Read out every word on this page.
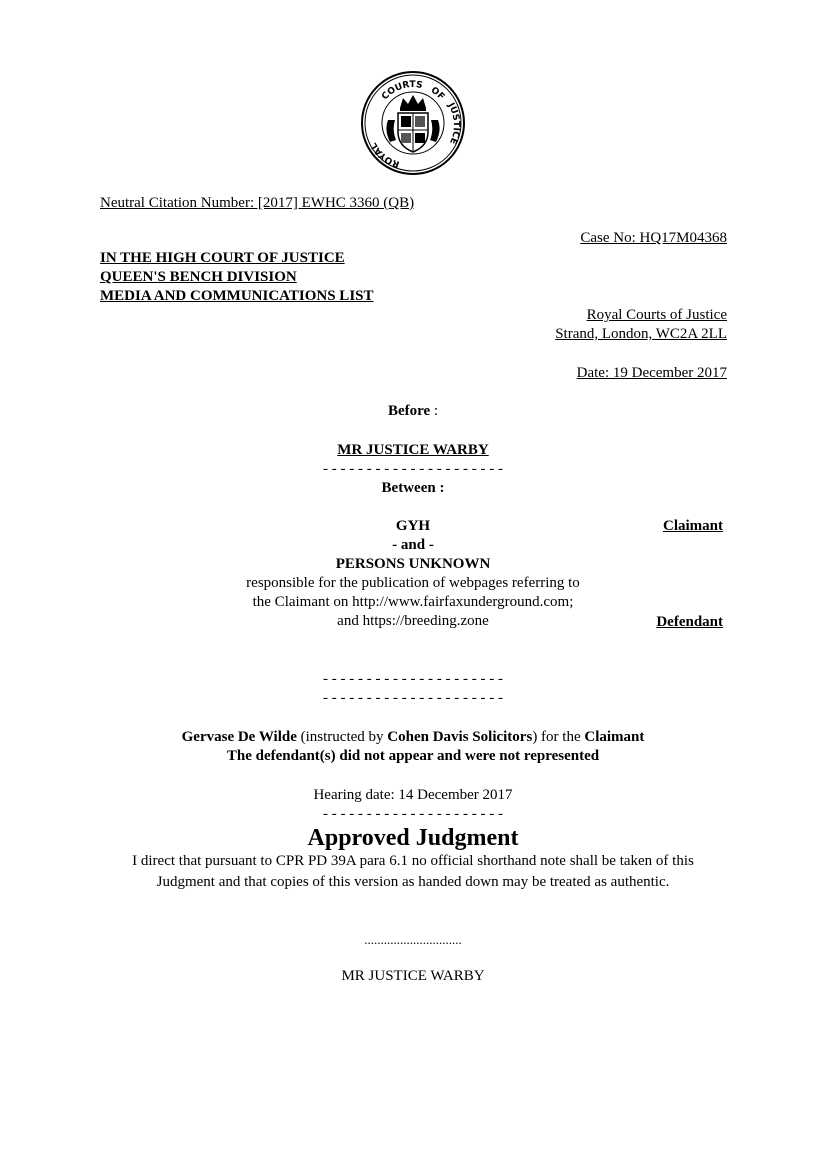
ROYAL
COURTS
OF
JUSTICE
Neutral Citation Number: [2017] EWHC 3360 (QB)
Case No: HQ17M04368
IN THE HIGH COURT OF JUSTICE
QUEEN'S BENCH DIVISION
MEDIA AND COMMUNICATIONS LIST
Royal Courts of Justice
Strand, London, WC2A 2LL
Date: 19 December 2017
Before :
MR JUSTICE WARBY
- - - - - - - - - - - - - - - - - - - - -
Between :
GYH	Claimant
- and -
PERSONS UNKNOWN
responsible for the publication of webpages referring to
the Claimant on http://www.fairfaxunderground.com;
and https://breeding.zone	Defendant
- - - - - - - - - - - - - - - - - - - - -
- - - - - - - - - - - - - - - - - - - - -
Gervase De Wilde (instructed by Cohen Davis Solicitors) for the Claimant
The defendant(s) did not appear and were not represented
Hearing date: 14 December 2017
- - - - - - - - - - - - - - - - - - - - -
Approved Judgment
I direct that pursuant to CPR PD 39A para 6.1 no official shorthand note shall be taken of this
Judgment and that copies of this version as handed down may be treated as authentic.
..............................
MR JUSTICE WARBY
